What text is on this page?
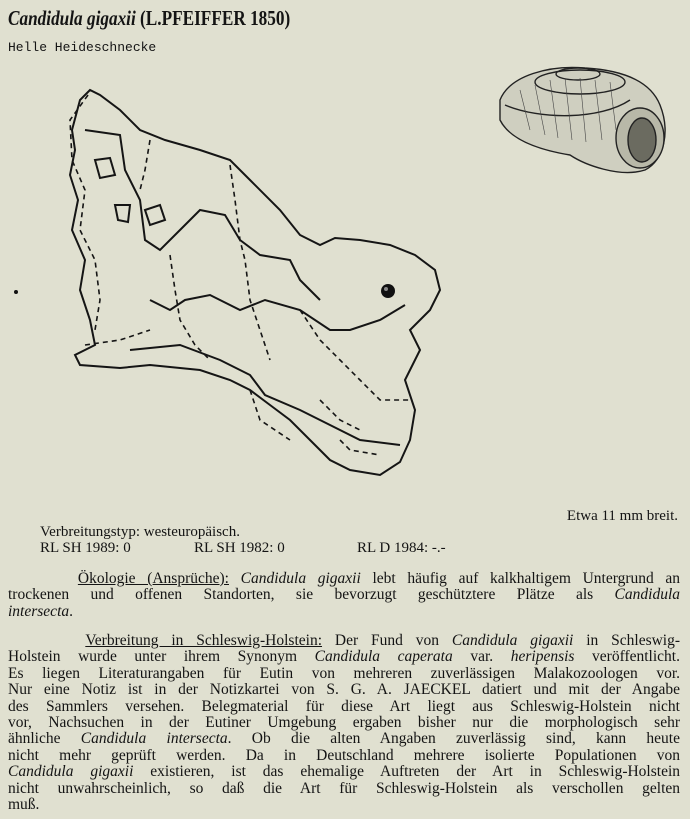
Candidula gigaxii (L.PFEIFFER 1850)
Helle Heideschnecke
Etwa 11 mm breit.
Verbreitungstyp: westeuropäisch.
RL SH 1989: 0	RL SH 1982: 0	RL D 1984: -.-
Ökologie (Ansprüche): Candidula gigaxii lebt häufig auf kalkhaltigem Untergrund an
trockenen und offenen Standorten, sie bevorzugt geschütztere Plätze als Candidula
intersecta.
Verbreitung in Schleswig-Holstein: Der Fund von Candidula gigaxii in Schleswig-
Holstein wurde unter ihrem Synonym Candidula caperata var. heripensis veröffentlicht.
Es liegen Literaturangaben für Eutin von mehreren zuverlässigen Malakozoologen vor.
Nur eine Notiz ist in der Notizkartei von S. G. A. JAECKEL datiert und mit der Angabe
des Sammlers versehen. Belegmaterial für diese Art liegt aus Schleswig-Holstein nicht
vor, Nachsuchen in der Eutiner Umgebung ergaben bisher nur die morphologisch sehr
ähnliche Candidula intersecta. Ob die alten Angaben zuverlässig sind, kann heute
nicht mehr geprüft werden. Da in Deutschland mehrere isolierte Populationen von
Candidula gigaxii existieren, ist das ehemalige Auftreten der Art in Schleswig-Holstein
nicht unwahrscheinlich, so daß die Art für Schleswig-Holstein als verschollen gelten
muß.
